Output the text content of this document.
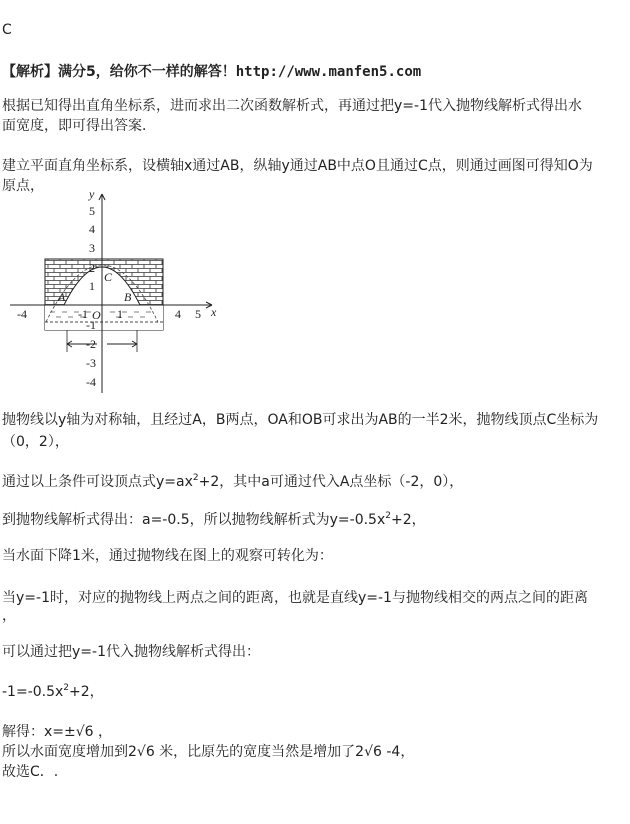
C
【解析】满分5，给你不一样的解答！http://www.manfen5.com
根据已知得出直角坐标系，进而求出二次函数解析式，再通过把y=-1代入抛物线解析式得出水
面宽度，即可得出答案．
建立平面直角坐标系，设横轴x通过AB，纵轴y通过AB中点O且通过C点，则通过画图可得知O为
原点，	y
x
O
A	B
C
5
4
3
2
1
-1
-2
-3
-4
-4	-1 1	4 5
抛物线以y轴为对称轴，且经过A，B两点，OA和OB可求出为AB的一半2米，抛物线顶点C坐标为
（0，2），
通过以上条件可设顶点式$y=ax^2+2$，其中a可通过代入A点坐标（-2，0），
到抛物线解析式得出：a=-0.5，所以抛物线解析式为$y=-0.5x^2+2$，
当水面下降1米，通过抛物线在图上的观察可转化为：
当y=-1时，对应的抛物线上两点之间的距离，也就是直线y=-1与抛物线相交的两点之间的距离
，
可以通过把y=-1代入抛物线解析式得出：
$-1=-0.5x^2+2$，
解得：x=±√6 ，
所以水面宽度增加到2√6 米，比原先的宽度当然是增加了2√6 -4，
故选C．.
